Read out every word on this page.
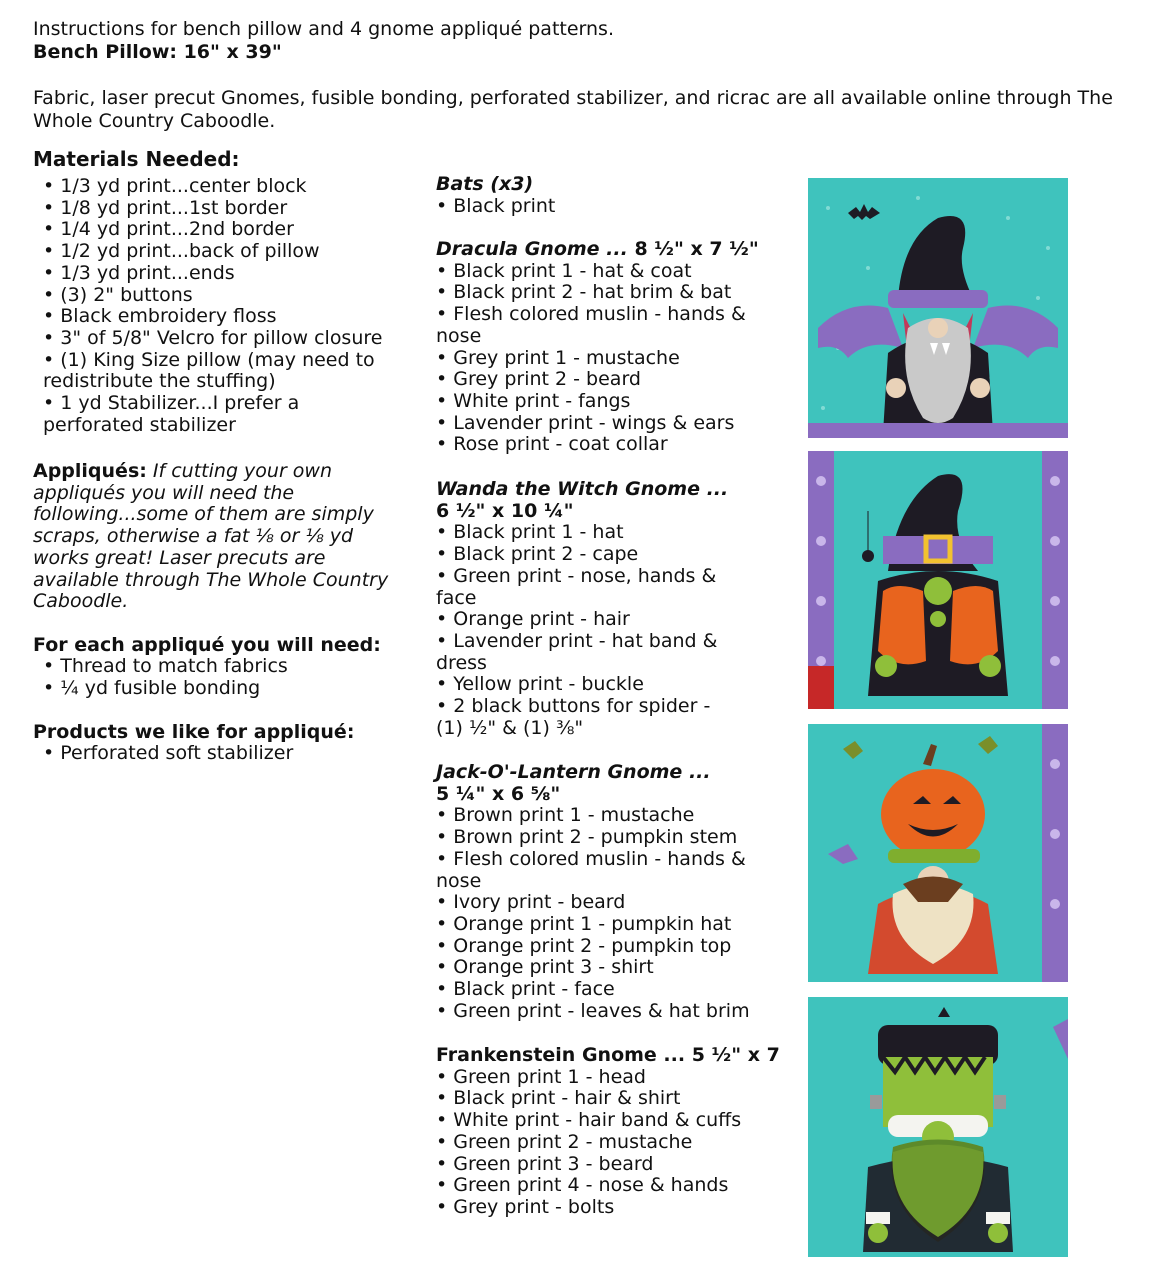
Instructions for bench pillow and 4 gnome appliqué patterns.
Bench Pillow: 16" x 39"
Fabric, laser precut Gnomes, fusible bonding, perforated stabilizer, and ricrac are all available online through The Whole Country Caboodle.
Materials Needed:
• 1/3 yd print...center block
• 1/8 yd print...1st border
• 1/4 yd print...2nd border
• 1/2 yd print...back of pillow
• 1/3 yd print...ends
• (3) 2" buttons
• Black embroidery floss
• 3" of 5/8" Velcro for pillow closure
• (1) King Size pillow (may need to redistribute the stuffing)
• 1 yd Stabilizer...I prefer a perforated stabilizer
Appliqués: If cutting your own appliqués you will need the following...some of them are simply scraps, otherwise a fat ⅛ or ⅛ yd works great! Laser precuts are available through The Whole Country Caboodle.
For each appliqué you will need:
• Thread to match fabrics
• ¼ yd fusible bonding
Products we like for appliqué:
• Perforated soft stabilizer
Bats (x3)
• Black print
Dracula Gnome ... 8 ½" x 7 ½"
• Black print 1 - hat & coat
• Black print 2 - hat brim & bat
• Flesh colored muslin - hands & nose
• Grey print 1 - mustache
• Grey print 2 - beard
• White print - fangs
• Lavender print - wings & ears
• Rose print - coat collar
Wanda the Witch Gnome ...
6 ½" x 10 ¼"
• Black print 1 - hat
• Black print 2 - cape
• Green print - nose, hands & face
• Orange print - hair
• Lavender print - hat band & dress
• Yellow print - buckle
• 2 black buttons for spider - (1) ½" & (1) ⅜"
Jack-O'-Lantern Gnome ...
5 ¼" x 6 ⅝"
• Brown print 1 - mustache
• Brown print 2 - pumpkin stem
• Flesh colored muslin - hands & nose
• Ivory print - beard
• Orange print 1 - pumpkin hat
• Orange print 2 - pumpkin top
• Orange print 3 - shirt
• Black print - face
• Green print - leaves & hat brim
Frankenstein Gnome ... 5 ½" x 7
• Green print 1 - head
• Black print - hair & shirt
• White print - hair band & cuffs
• Green print 2 - mustache
• Green print 3 - beard
• Green print 4 - nose & hands
• Grey print - bolts
